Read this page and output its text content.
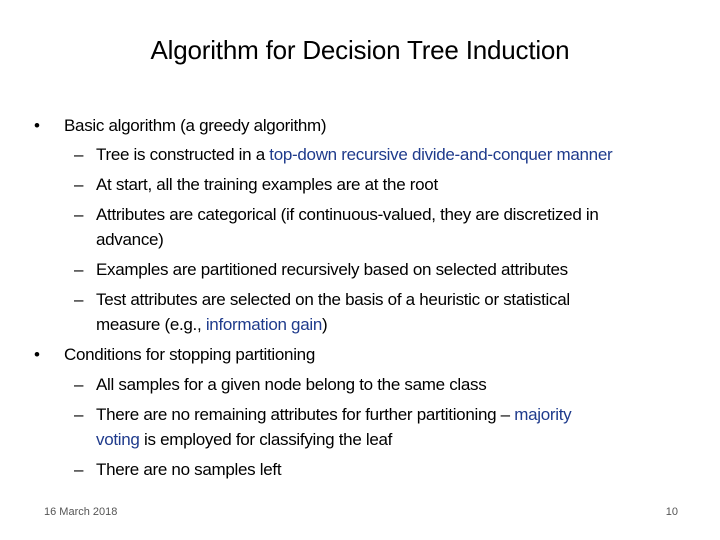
Algorithm for Decision Tree Induction
• Basic algorithm (a greedy algorithm)
– Tree is constructed in a top-down recursive divide-and-conquer manner
– At start, all the training examples are at the root
– Attributes are categorical (if continuous-valued, they are discretized in
advance)
– Examples are partitioned recursively based on selected attributes
– Test attributes are selected on the basis of a heuristic or statistical
measure (e.g., information gain)
• Conditions for stopping partitioning
– All samples for a given node belong to the same class
– There are no remaining attributes for further partitioning – majority
voting is employed for classifying the leaf
– There are no samples left
16 March 2018	10
